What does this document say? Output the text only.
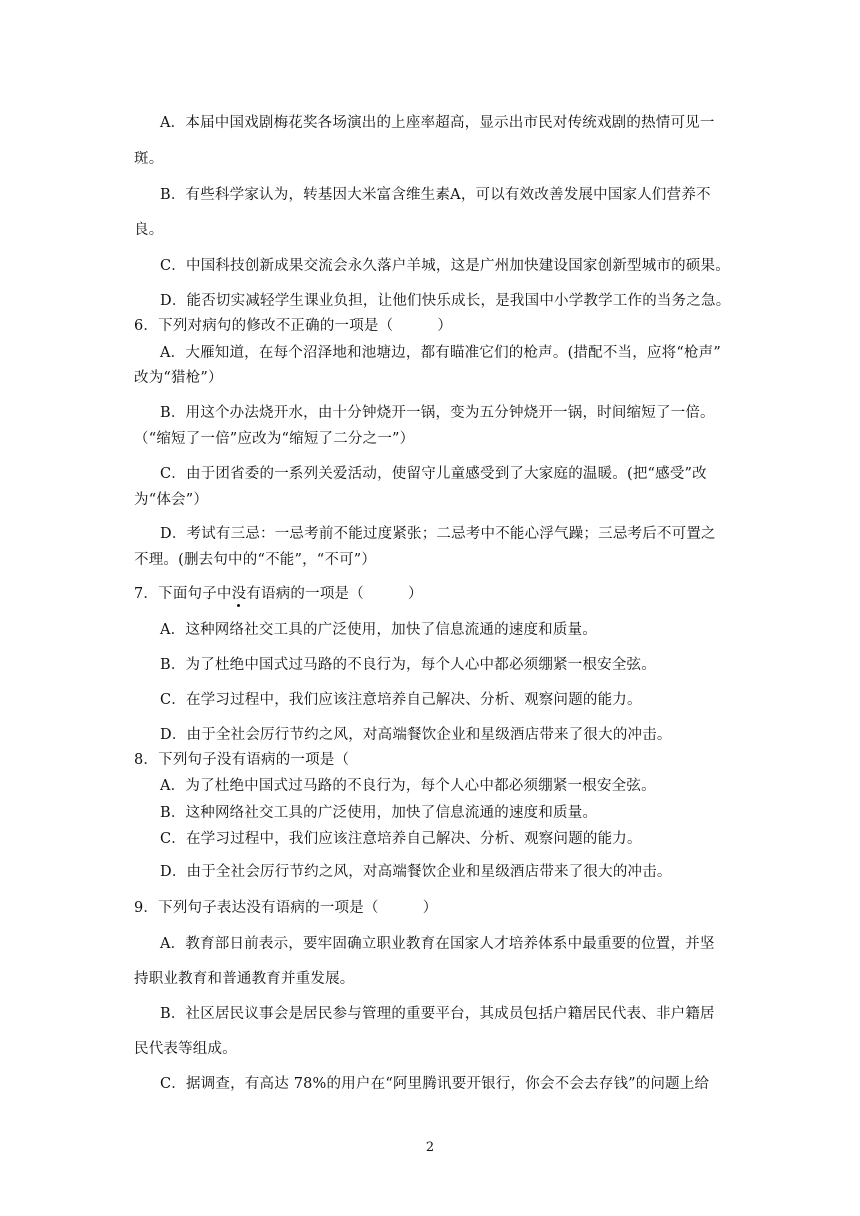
A．本届中国戏剧梅花奖各场演出的上座率超高，显示出市民对传统戏剧的热情可见一
斑。
B．有些科学家认为，转基因大米富含维生素A，可以有效改善发展中国家人们营养不
良。
C．中国科技创新成果交流会永久落户羊城，这是广州加快建设国家创新型城市的硕果。
D．能否切实减轻学生课业负担，让他们快乐成长，是我国中小学教学工作的当务之急。
6．下列对病句的修改不正确的一项是（　　　）
A．大雁知道，在每个沼泽地和池塘边，都有瞄准它们的枪声。(措配不当，应将“枪声”
改为“猎枪”）
B．用这个办法烧开水，由十分钟烧开一锅，变为五分钟烧开一锅，时间缩短了一倍。
（“缩短了一倍”应改为“缩短了二分之一”）
C．由于团省委的一系列关爱活动，使留守儿童感受到了大家庭的温暖。(把“感受”改
为“体会”）
D．考试有三忌：一忌考前不能过度紧张；二忌考中不能心浮气躁；三忌考后不可置之
不理。(删去句中的“不能”，“不可”）
7．下面句子中没有语病的一项是（　　　）
A．这种网络社交工具的广泛使用，加快了信息流通的速度和质量。
B．为了杜绝中国式过马路的不良行为，每个人心中都必须绷紧一根安全弦。
C．在学习过程中，我们应该注意培养自己解决、分析、观察问题的能力。
D．由于全社会厉行节约之风，对高端餐饮企业和星级酒店带来了很大的冲击。
8．下列句子没有语病的一项是（
A．为了杜绝中国式过马路的不良行为，每个人心中都必须绷紧一根安全弦。
B．这种网络社交工具的广泛使用，加快了信息流通的速度和质量。
C．在学习过程中，我们应该注意培养自己解决、分析、观察问题的能力。
D．由于全社会厉行节约之风，对高端餐饮企业和星级酒店带来了很大的冲击。
9．下列句子表达没有语病的一项是（　　　）
A．教育部日前表示，要牢固确立职业教育在国家人才培养体系中最重要的位置，并坚
持职业教育和普通教育并重发展。
B．社区居民议事会是居民参与管理的重要平台，其成员包括户籍居民代表、非户籍居
民代表等组成。
C．据调查，有高达 78%的用户在“阿里腾讯要开银行，你会不会去存钱”的问题上给
2
